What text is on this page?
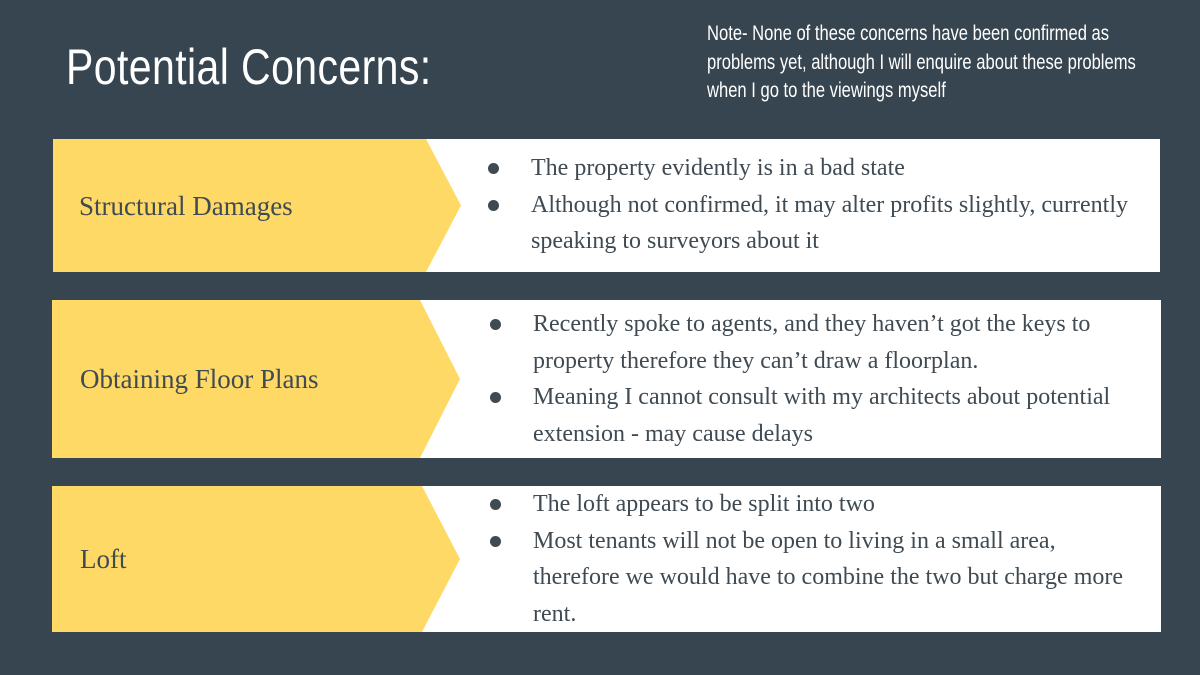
Potential Concerns:

Note- None of these concerns have been confirmed as problems yet, although I will enquire about these problems when I go to the viewings myself

Structural Damages

The property evidently is in a bad state
Although not confirmed, it may alter profits slightly, currently speaking to surveyors about it

Obtaining Floor Plans

Recently spoke to agents, and they haven’t got the keys to property therefore they can’t draw a floorplan.
Meaning I cannot consult with my architects about potential extension - may cause delays

Loft

The loft appears to be split into two
Most tenants will not be open to living in a small area, therefore we would have to combine the two but charge more rent.
